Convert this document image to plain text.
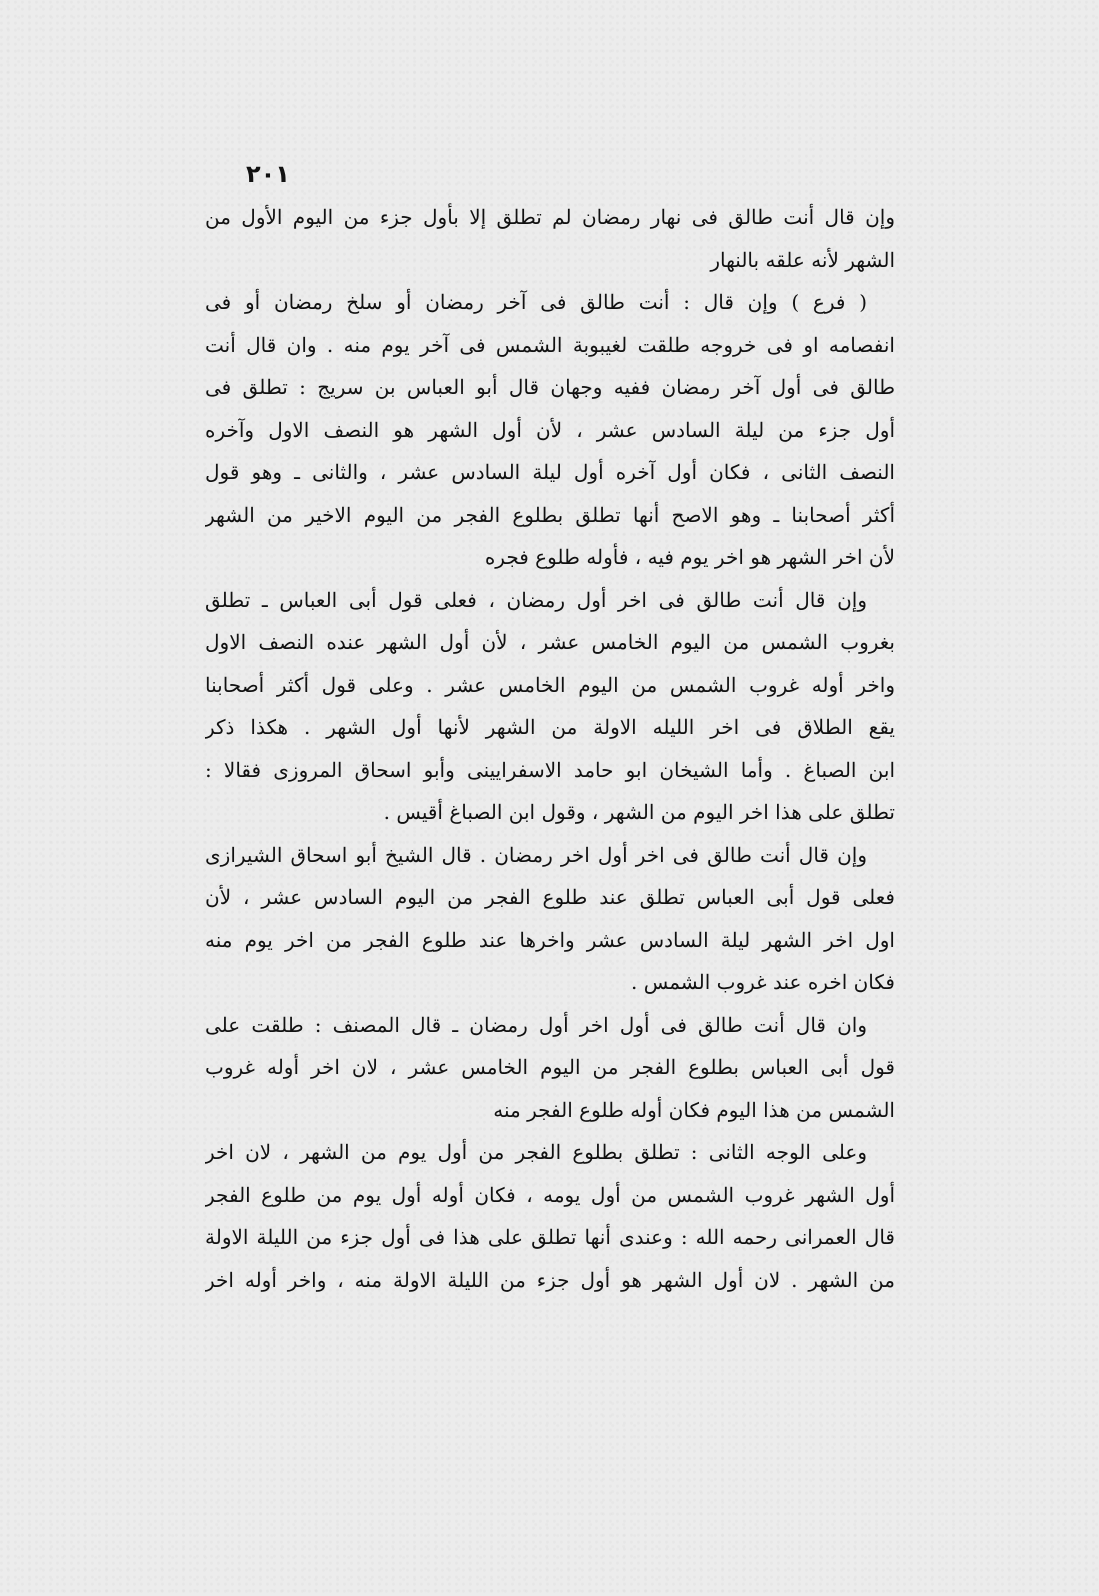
٢٠١
وإن قال أنت طالق فى نهار رمضان لم تطلق إلا بأول جزء من اليوم الأول من
الشهر لأنه علقه بالنهار
( فرع ) وإن قال : أنت طالق فى آخر رمضان أو سلخ رمضان أو فى
انفصامه او فى خروجه طلقت لغيبوبة الشمس فى آخر يوم منه . وان قال أنت
طالق فى أول آخر رمضان ففيه وجهان قال أبو العباس بن سريج : تطلق فى
أول جزء من ليلة السادس عشر ، لأن أول الشهر هو النصف الاول وآخره
النصف الثانى ، فكان أول آخره أول ليلة السادس عشر ، والثانى ـ وهو قول
أكثر أصحابنا ـ وهو الاصح أنها تطلق بطلوع الفجر من اليوم الاخير من الشهر
لأن اخر الشهر هو اخر يوم فيه ، فأوله طلوع فجره
وإن قال أنت طالق فى اخر أول رمضان ، فعلى قول أبى العباس ـ تطلق
بغروب الشمس من اليوم الخامس عشر ، لأن أول الشهر عنده النصف الاول
واخر أوله غروب الشمس من اليوم الخامس عشر . وعلى قول أكثر أصحابنا
يقع الطلاق فى اخر الليله الاولة من الشهر لأنها أول الشهر . هكذا ذكر
ابن الصباغ . وأما الشيخان ابو حامد الاسفرايينى وأبو اسحاق المروزى فقالا :
تطلق على هذا اخر اليوم من الشهر ، وقول ابن الصباغ أقيس .
وإن قال أنت طالق فى اخر أول اخر رمضان . قال الشيخ أبو اسحاق الشيرازى
فعلى قول أبى العباس تطلق عند طلوع الفجر من اليوم السادس عشر ، لأن
اول اخر الشهر ليلة السادس عشر واخرها عند طلوع الفجر من اخر يوم منه
فكان اخره عند غروب الشمس .
وان قال أنت طالق فى أول اخر أول رمضان ـ قال المصنف : طلقت على
قول أبى العباس بطلوع الفجر من اليوم الخامس عشر ، لان اخر أوله غروب
الشمس من هذا اليوم فكان أوله طلوع الفجر منه
وعلى الوجه الثانى : تطلق بطلوع الفجر من أول يوم من الشهر ، لان اخر
أول الشهر غروب الشمس من أول يومه ، فكان أوله أول يوم من طلوع الفجر
قال العمرانى رحمه الله : وعندى أنها تطلق على هذا فى أول جزء من الليلة الاولة
من الشهر . لان أول الشهر هو أول جزء من الليلة الاولة منه ، واخر أوله اخر
